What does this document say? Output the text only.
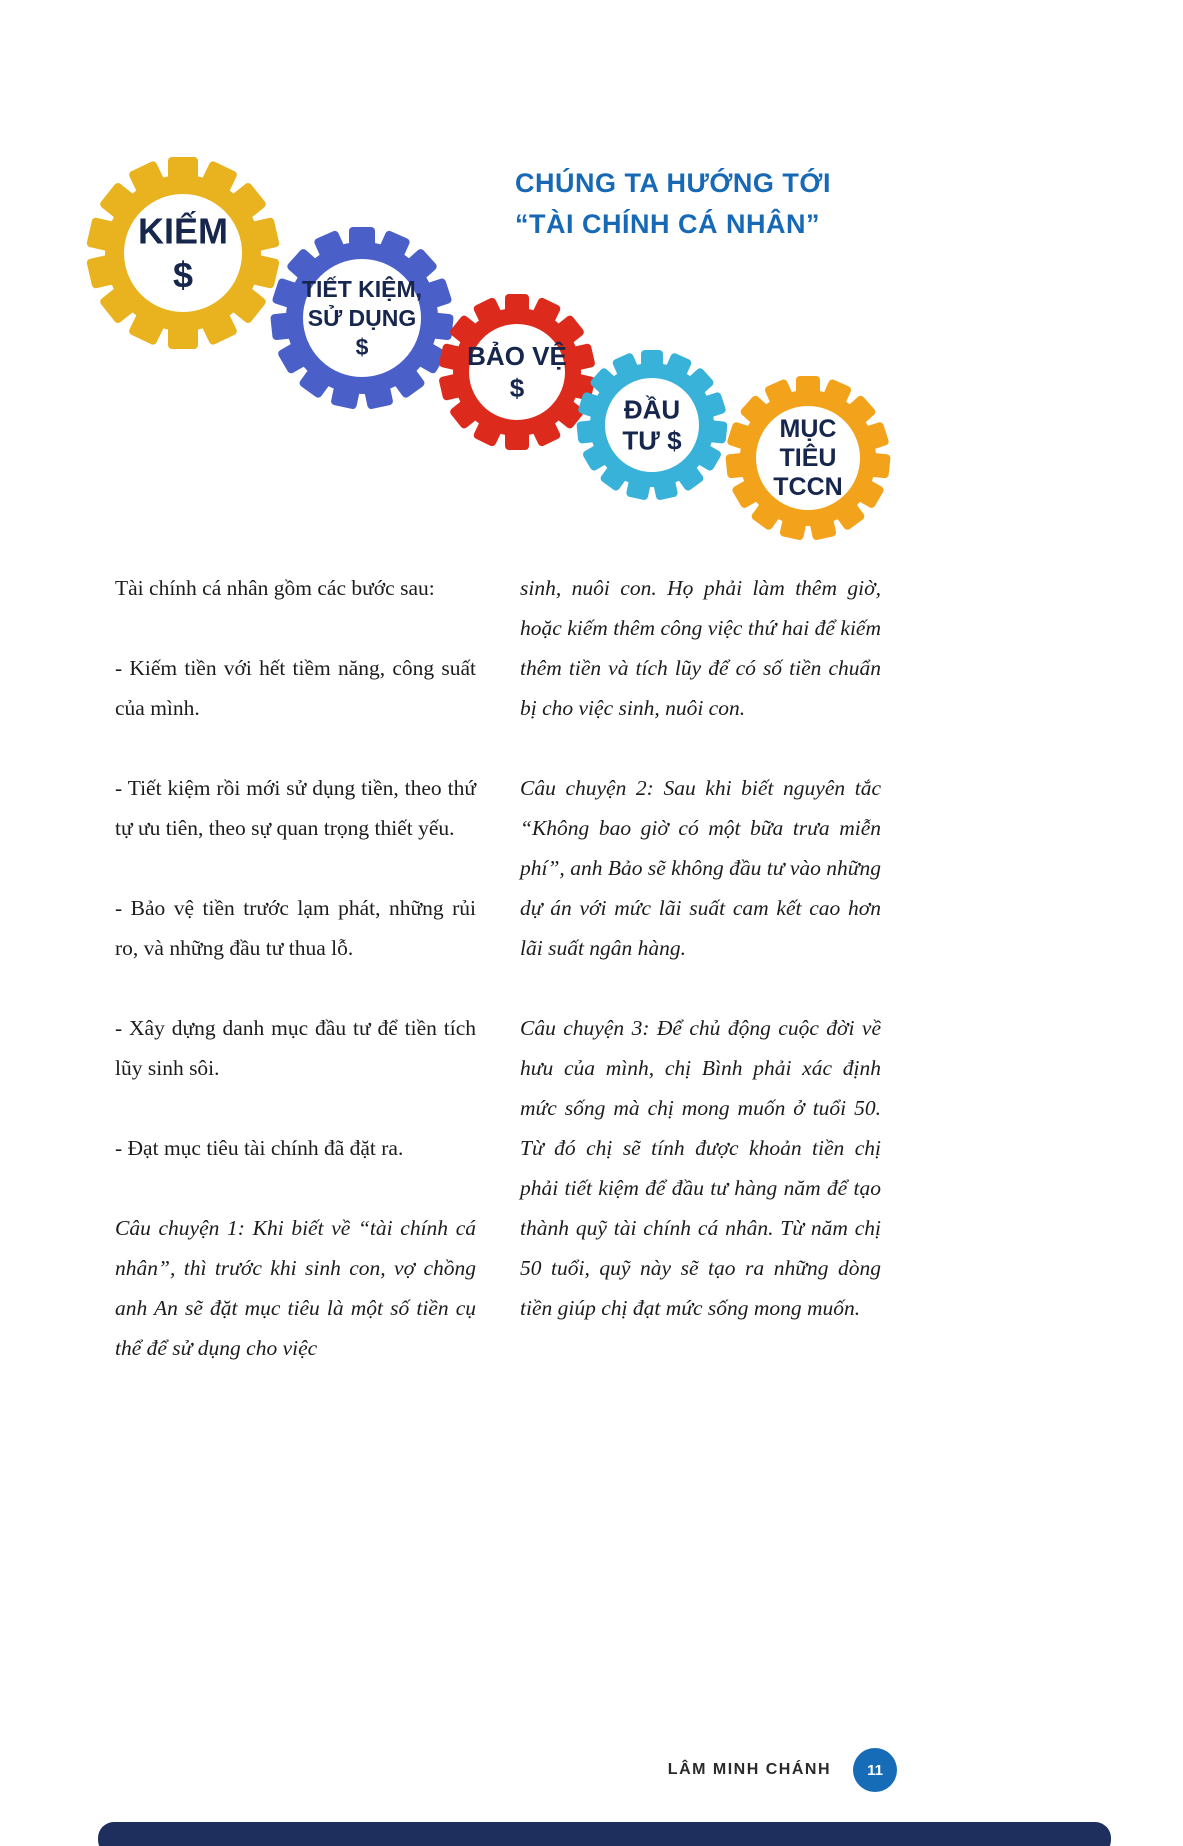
KIẾM
$	TIẾT KIỆM,
SỬ DỤNG
$	BẢO VỆ
$
ĐẦU
TƯ $	MỤC
TIÊU
TCCN
CHÚNG TA HƯỚNG TỚI
“TÀI CHÍNH CÁ NHÂN”

Tài chính cá nhân gồm các bước sau:

- Kiếm tiền với hết tiềm năng, công suất của mình.

- Tiết kiệm rồi mới sử dụng tiền, theo thứ tự ưu tiên, theo sự quan trọng thiết yếu.

- Bảo vệ tiền trước lạm phát, những rủi ro, và những đầu tư thua lỗ.

- Xây dựng danh mục đầu tư để tiền tích lũy sinh sôi.

- Đạt mục tiêu tài chính đã đặt ra.

Câu chuyện 1: Khi biết về “tài chính cá nhân”, thì trước khi sinh con, vợ chồng anh An sẽ đặt mục tiêu là một số tiền cụ thể để sử dụng cho việc

sinh, nuôi con. Họ phải làm thêm giờ, hoặc kiếm thêm công việc thứ hai để kiếm thêm tiền và tích lũy để có số tiền chuẩn bị cho việc sinh, nuôi con.

Câu chuyện 2: Sau khi biết nguyên tắc “Không bao giờ có một bữa trưa miễn phí”, anh Bảo sẽ không đầu tư vào những dự án với mức lãi suất cam kết cao hơn lãi suất ngân hàng.

Câu chuyện 3: Để chủ động cuộc đời về hưu của mình, chị Bình phải xác định mức sống mà chị mong muốn ở tuổi 50. Từ đó chị sẽ tính được khoản tiền chị phải tiết kiệm để đầu tư hàng năm để tạo thành quỹ tài chính cá nhân. Từ năm chị 50 tuổi, quỹ này sẽ tạo ra những dòng tiền giúp chị đạt mức sống mong muốn.

LÂM MINH CHÁNH	11
